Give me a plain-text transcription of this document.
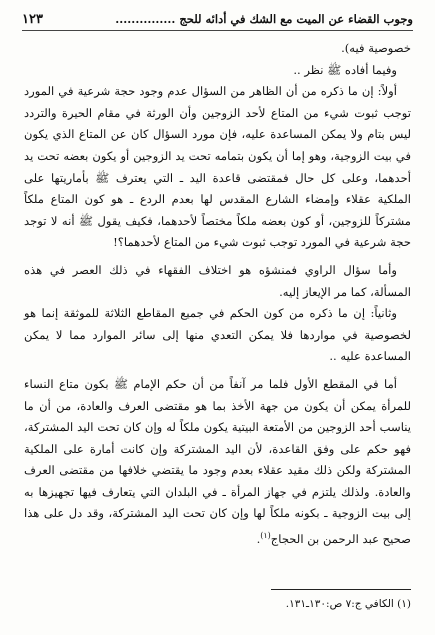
وجوب القضاء عن الميت مع الشك في أدائه للحج ...............
١٢٣

خصوصية فيه).

وفيما أفاده ﷺ نظر ..

أولاً: إن ما ذكره من أن الظاهر من السؤال عدم وجود حجة شرعية في المورد توجب ثبوت شيء من المتاع لأحد الزوجين وأن الورثة في مقام الحيرة والتردد ليس بتام ولا يمكن المساعدة عليه، فإن مورد السؤال كان عن المتاع الذي يكون في بيت الزوجية، وهو إما أن يكون بتمامه تحت يد الزوجين أو يكون بعضه تحت يد أحدهما، وعلى كل حال فمقتضى قاعدة اليد ـ التي يعترف ﷺ بأماريتها على الملكية عقلاء وإمضاء الشارع المقدس لها بعدم الردع ـ هو كون المتاع ملكاً مشتركاً للزوجين، أو كون بعضه ملكاً مختصاً لأحدهما، فكيف يقول ﷺ أنه لا توجد حجة شرعية في المورد توجب ثبوت شيء من المتاع لأحدهما؟!

وأما سؤال الراوي فمنشؤه هو اختلاف الفقهاء في ذلك العصر في هذه المسألة، كما مر الإيعاز إليه.

وثانياً: إن ما ذكره من كون الحكم في جميع المقاطع الثلاثة للموثقة إنما هو لخصوصية في مواردها فلا يمكن التعدي منها إلى سائر الموارد مما لا يمكن المساعدة عليه ..

أما في المقطع الأول فلما مر آنفاً من أن حكم الإمام ﷺ بكون متاع النساء للمرأة يمكن أن يكون من جهة الأخذ بما هو مقتضى العرف والعادة، من أن ما يناسب أحد الزوجين من الأمتعة البيتية يكون ملكاً له وإن كان تحت اليد المشتركة، فهو حكم على وفق القاعدة، لأن اليد المشتركة وإن كانت أمارة على الملكية المشتركة ولكن ذلك مقيد عقلاء بعدم وجود ما يقتضي خلافها من مقتضى العرف والعادة. ولذلك يلتزم في جهاز المرأة ـ في البلدان التي يتعارف فيها تجهيزها به إلى بيت الزوجية ـ بكونه ملكاً لها وإن كان تحت اليد المشتركة، وقد دل على هذا صحيح عبد الرحمن بن الحجاج$^{(١)}$.

(١) الكافي ج:٧ ص:١٣٠ـ١٣١.
